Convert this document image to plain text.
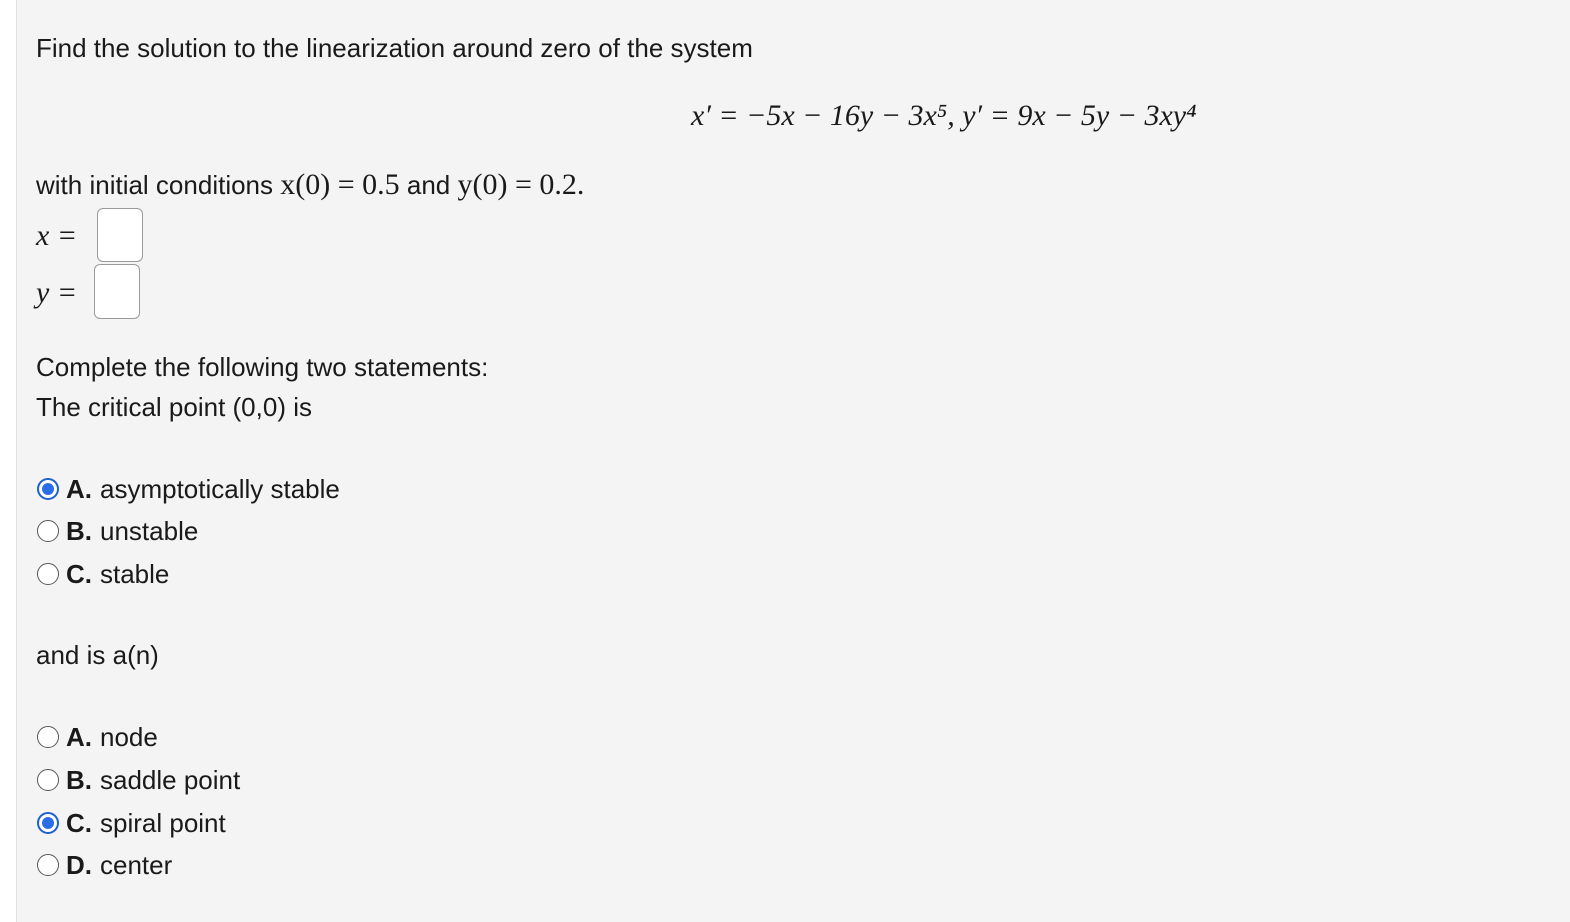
Find the solution to the linearization around zero of the system
x′ = −5x − 16y − 3x⁵, y′ = 9x − 5y − 3xy⁴
with initial conditions x(0) = 0.5 and y(0) = 0.2.
x =
y =
Complete the following two statements:
The critical point (0,0) is
A. asymptotically stable
B. unstable
C. stable
and is a(n)
A. node
B. saddle point
C. spiral point
D. center
